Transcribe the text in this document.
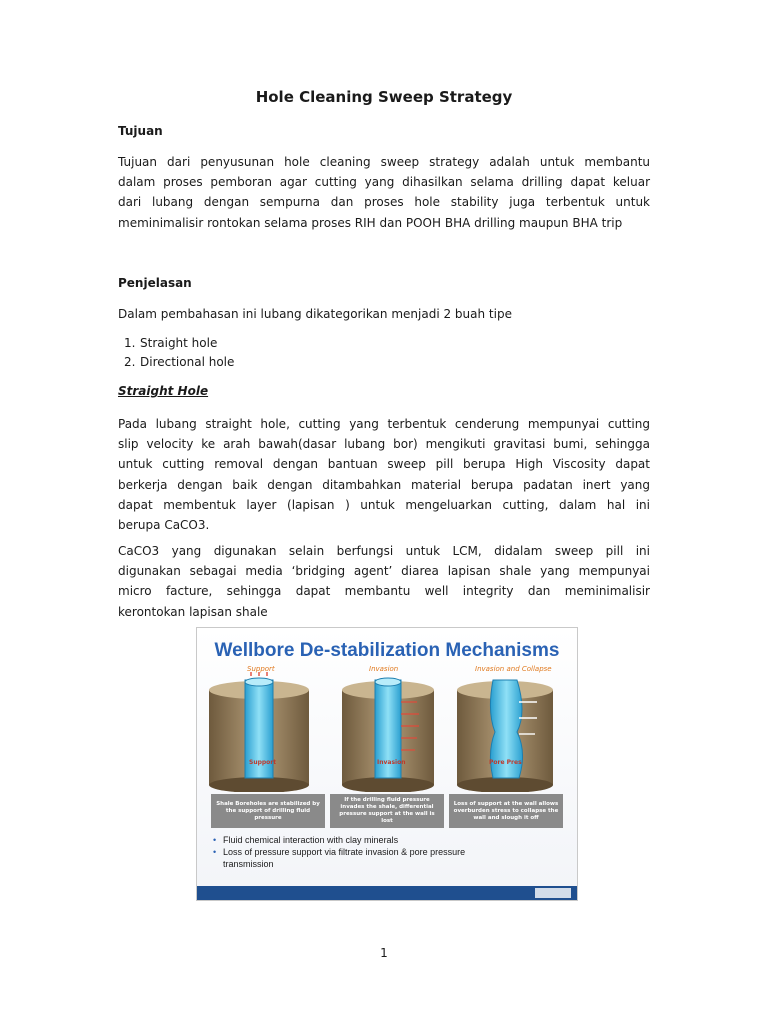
Hole Cleaning Sweep Strategy
Tujuan
Tujuan dari penyusunan hole cleaning sweep strategy adalah untuk membantu
dalam proses pemboran agar cutting yang dihasilkan selama drilling dapat keluar
dari lubang dengan sempurna dan proses hole stability juga terbentuk untuk
meminimalisir rontokan selama proses RIH dan POOH BHA drilling maupun BHA trip
Penjelasan
Dalam pembahasan ini lubang dikategorikan menjadi 2 buah tipe
1. Straight hole
2. Directional hole
Straight Hole
Pada lubang straight hole, cutting yang terbentuk cenderung mempunyai cutting
slip velocity ke arah bawah(dasar lubang bor) mengikuti gravitasi bumi, sehingga
untuk cutting removal dengan bantuan sweep pill berupa High Viscosity dapat
berkerja dengan baik dengan ditambahkan material berupa padatan inert yang
dapat membentuk layer (lapisan ) untuk mengeluarkan cutting, dalam hal ini
berupa CaCO3.
CaCO3 yang digunakan selain berfungsi untuk LCM, didalam sweep pill ini
digunakan sebagai media ‘bridging agent’ diarea lapisan shale yang mempunyai
micro facture, sehingga dapat membantu well integrity dan meminimalisir
kerontokan lapisan shale
Wellbore De-stabilization Mechanisms
Support	Invasion	Invasion and Collapse
Support	Invasion	Pore Pres
Shale Boreholes are stabilized by the support of drilling fluid pressure
If the drilling fluid pressure invades the shale, differential pressure support at the wall is lost
Loss of support at the wall allows overburden stress to collapse the wall and slough it off
• Fluid chemical interaction with clay minerals
• Loss of pressure support via filtrate invasion & pore pressure transmission
1
